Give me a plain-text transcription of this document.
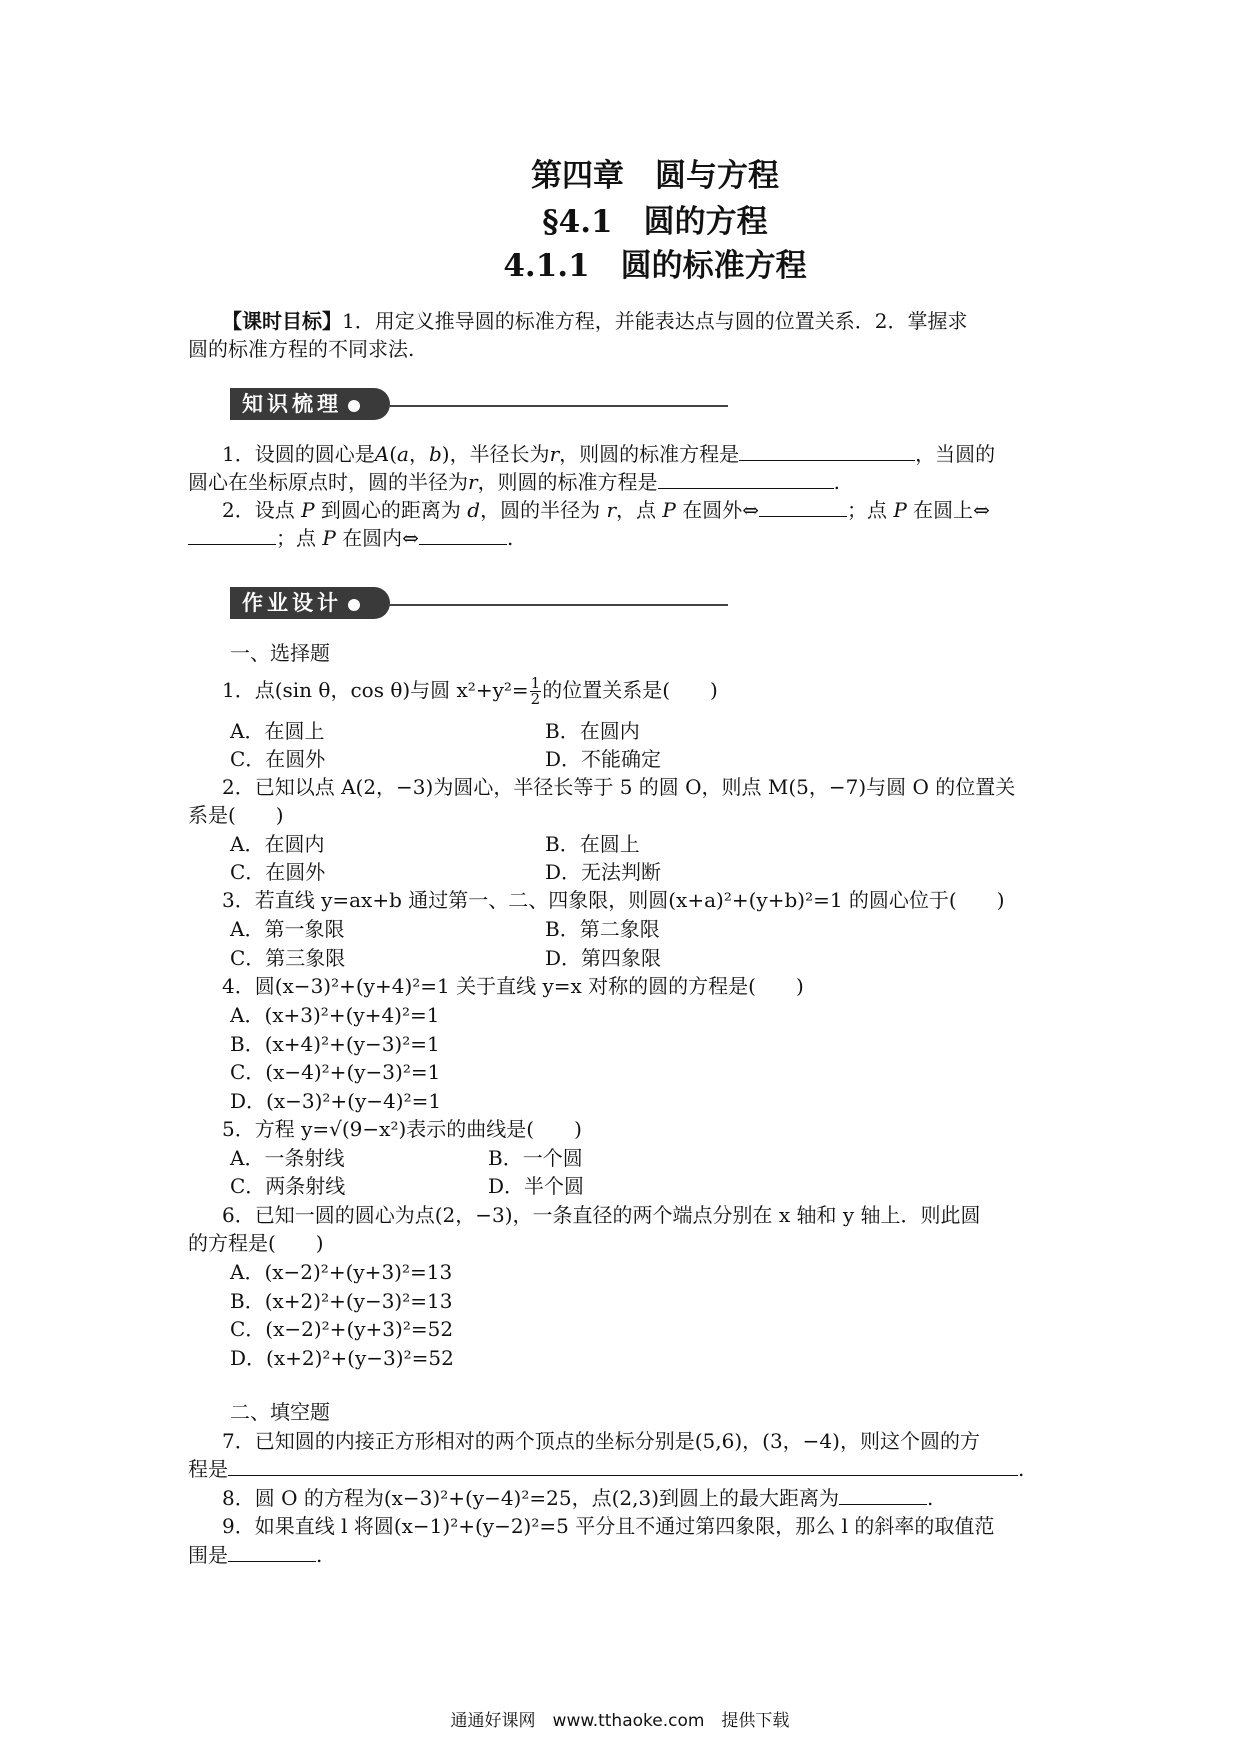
第四章　圆与方程
§4.1　圆的方程
4.1.1　圆的标准方程
【课时目标】1．用定义推导圆的标准方程，并能表达点与圆的位置关系．2．掌握求
圆的标准方程的不同求法.
知识梳理
1．设圆的圆心是A(a，b)，半径长为r，则圆的标准方程是	，当圆的
圆心在坐标原点时，圆的半径为r，则圆的标准方程是	.
2．设点 P 到圆心的距离为 d，圆的半径为 r，点 P 在圆外⇔	；点 P 在圆上⇔
；点 P 在圆内⇔	.
作业设计
一、选择题
1．点(sin θ，cos θ)与圆 $x^2+y^2= \frac{1}{2}$ 的位置关系是(　　)
A．在圆上	B．在圆内
C．在圆外	D．不能确定
2．已知以点 A(2，−3)为圆心，半径长等于 5 的圆 O，则点 M(5，−7)与圆 O 的位置关
系是(　　)
A．在圆内	B．在圆上
C．在圆外	D．无法判断
3．若直线 y=ax+b 通过第一、二、四象限，则圆(x+a)²+(y+b)²=1 的圆心位于(　　)
A．第一象限	B．第二象限
C．第三象限	D．第四象限
4．圆(x−3)²+(y+4)²=1 关于直线 y=x 对称的圆的方程是(　　)
A．(x+3)²+(y+4)²=1
B．(x+4)²+(y−3)²=1
C．(x−4)²+(y−3)²=1
D．(x−3)²+(y−4)²=1
5．方程 y=√(9−x²)表示的曲线是(　　)
A．一条射线	B．一个圆
C．两条射线	D．半个圆
6．已知一圆的圆心为点(2，−3)，一条直径的两个端点分别在 x 轴和 y 轴上．则此圆
的方程是(　　)
A．(x−2)²+(y+3)²=13
B．(x+2)²+(y−3)²=13
C．(x−2)²+(y+3)²=52
D．(x+2)²+(y−3)²=52
二、填空题
7．已知圆的内接正方形相对的两个顶点的坐标分别是(5,6)，(3，−4)，则这个圆的方
程是	.
8．圆 O 的方程为(x−3)²+(y−4)²=25，点(2,3)到圆上的最大距离为	.
9．如果直线 l 将圆(x−1)²+(y−2)²=5 平分且不通过第四象限，那么 l 的斜率的取值范
围是	.
通通好课网　www.tthaoke.com　提供下载
